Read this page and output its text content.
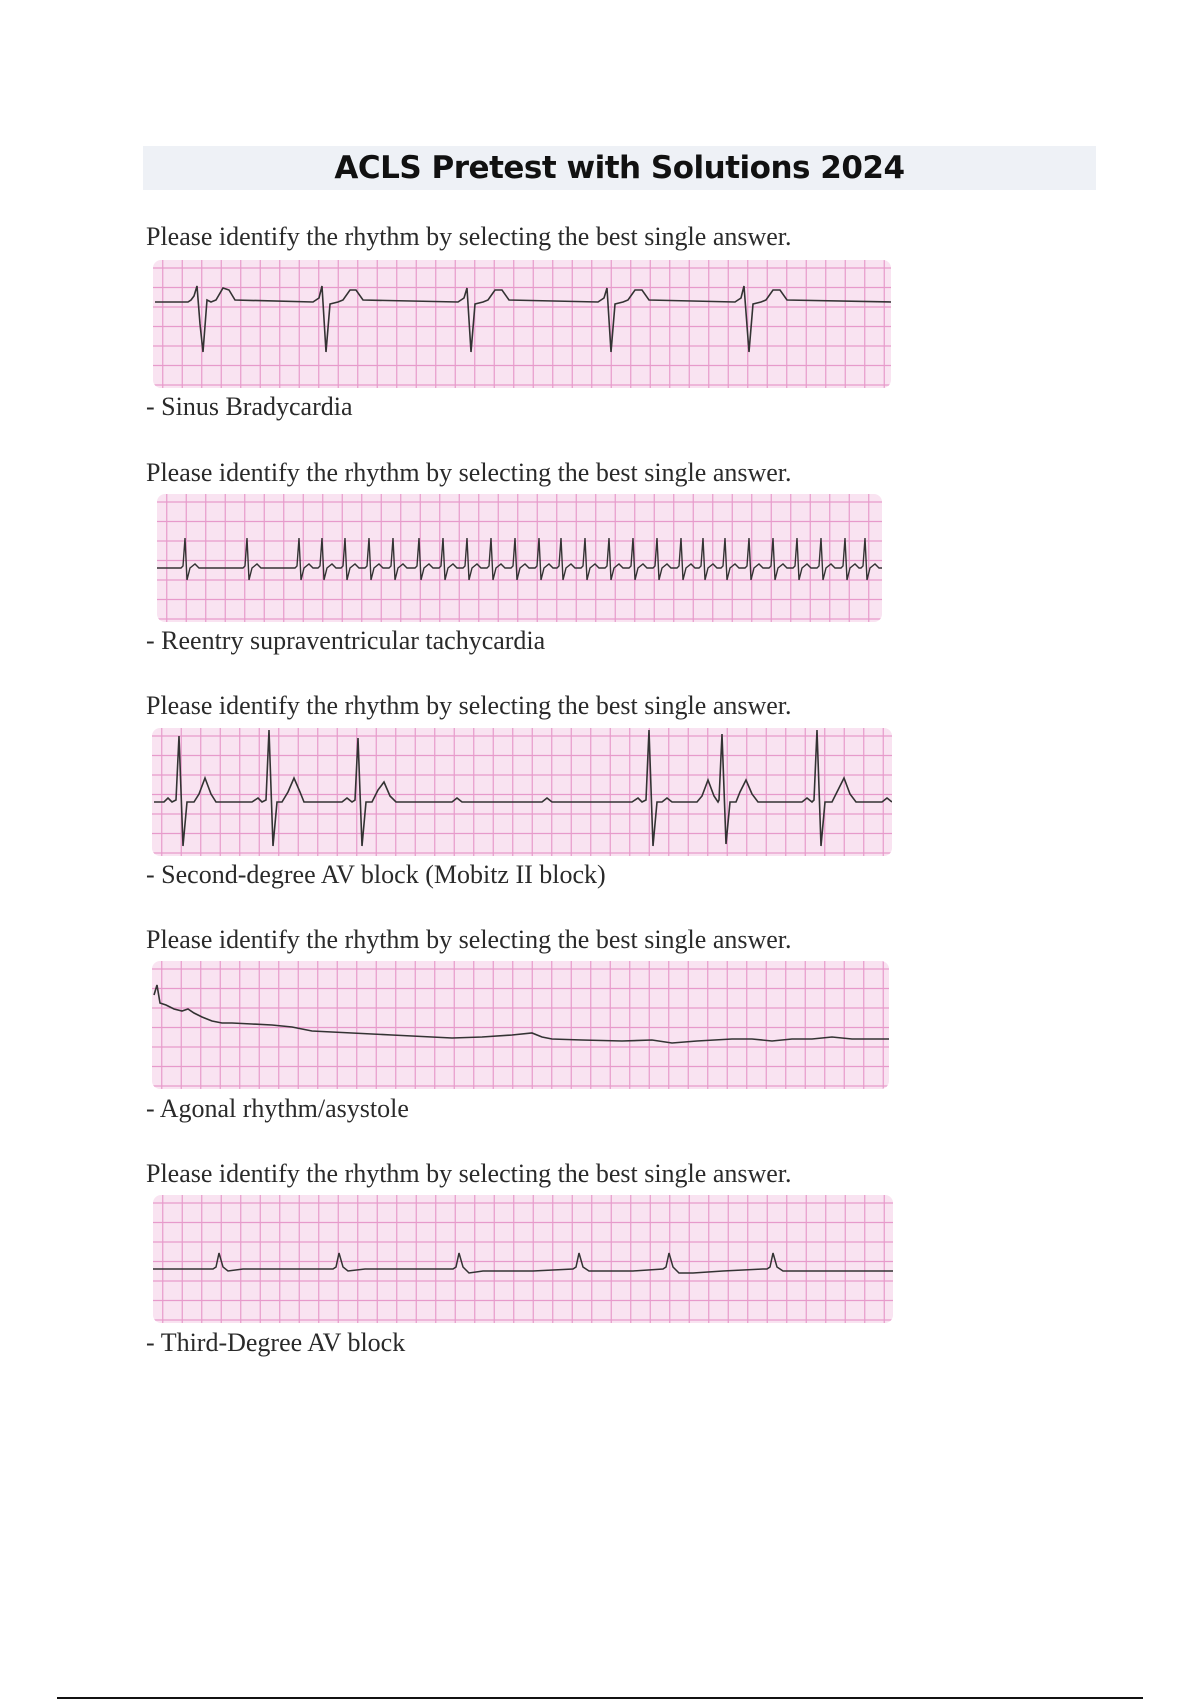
ACLS Pretest with Solutions 2024
Please identify the rhythm by selecting the best single answer.
- Sinus Bradycardia
Please identify the rhythm by selecting the best single answer.
- Reentry supraventricular tachycardia
Please identify the rhythm by selecting the best single answer.
- Second-degree AV block (Mobitz II block)
Please identify the rhythm by selecting the best single answer.
- Agonal rhythm/asystole
Please identify the rhythm by selecting the best single answer.
- Third-Degree AV block
